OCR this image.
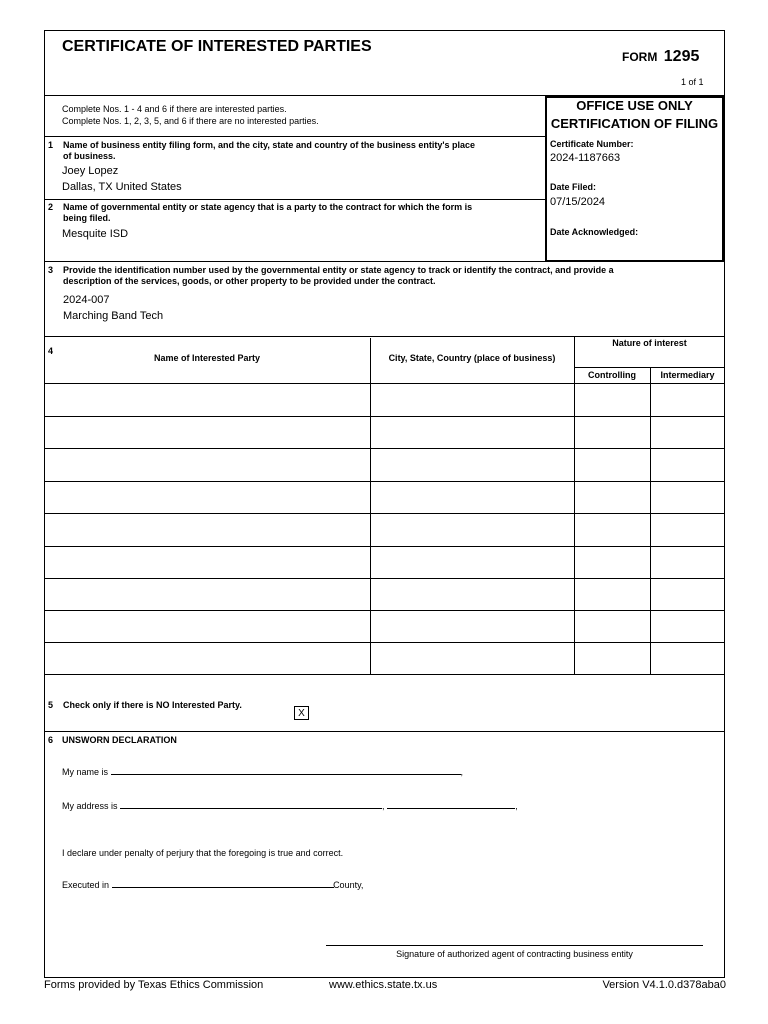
CERTIFICATE OF INTERESTED PARTIES
FORM 1295
1 of 1
Complete Nos. 1 - 4 and 6 if there are interested parties.
Complete Nos. 1, 2, 3, 5, and 6 if there are no interested parties.
OFFICE USE ONLY
CERTIFICATION OF FILING
Certificate Number:
2024-1187663
Date Filed:
07/15/2024
Date Acknowledged:
1 Name of business entity filing form, and the city, state and country of the business entity's place
of business.
Joey Lopez
Dallas, TX United States
2 Name of governmental entity or state agency that is a party to the contract for which the form is
being filed.
Mesquite ISD
3 Provide the identification number used by the governmental entity or state agency to track or identify the contract, and provide a
description of the services, goods, or other property to be provided under the contract.
2024-007
Marching Band Tech
4
Name of Interested Party	City, State, Country (place of business)
Nature of interest
Controlling	Intermediary
5 Check only if there is NO Interested Party.
X
6 UNSWORN DECLARATION
My name is	,
My address is	,	,
I declare under penalty of perjury that the foregoing is true and correct.
Executed in	County,
Signature of authorized agent of contracting business entity
Forms provided by Texas Ethics Commission	www.ethics.state.tx.us	Version V4.1.0.d378aba0
